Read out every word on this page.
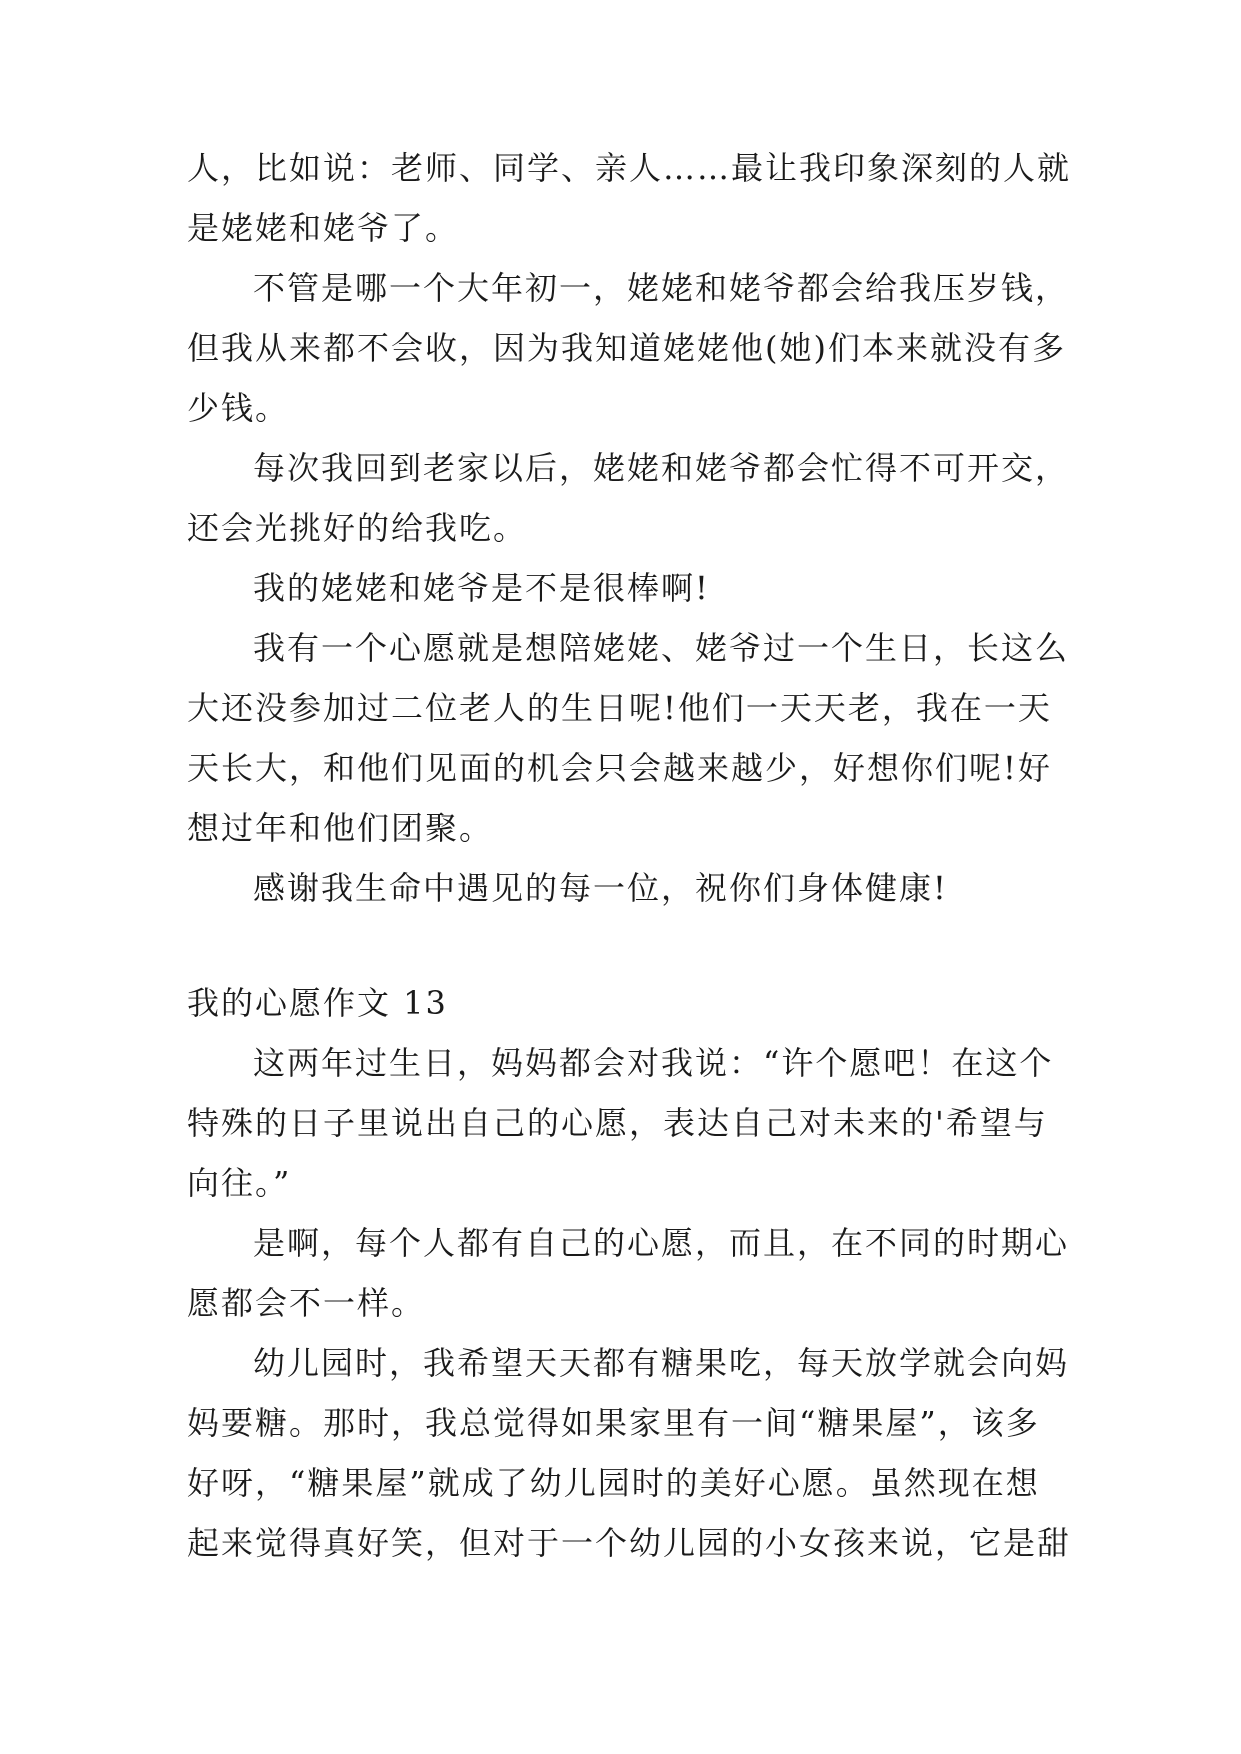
人，比如说：老师、同学、亲人……最让我印象深刻的人就
是姥姥和姥爷了。
不管是哪一个大年初一，姥姥和姥爷都会给我压岁钱，
但我从来都不会收，因为我知道姥姥他(她)们本来就没有多
少钱。
每次我回到老家以后，姥姥和姥爷都会忙得不可开交，
还会光挑好的给我吃。
我的姥姥和姥爷是不是很棒啊!
我有一个心愿就是想陪姥姥、姥爷过一个生日，长这么
大还没参加过二位老人的生日呢!他们一天天老，我在一天
天长大，和他们见面的机会只会越来越少，好想你们呢!好
想过年和他们团聚。
感谢我生命中遇见的每一位，祝你们身体健康!
我的心愿作文 13
这两年过生日，妈妈都会对我说：“许个愿吧！在这个
特殊的日子里说出自己的心愿，表达自己对未来的'希望与
向往。”
是啊，每个人都有自己的心愿，而且，在不同的时期心
愿都会不一样。
幼儿园时，我希望天天都有糖果吃，每天放学就会向妈
妈要糖。那时，我总觉得如果家里有一间“糖果屋”，该多
好呀，“糖果屋”就成了幼儿园时的美好心愿。虽然现在想
起来觉得真好笑，但对于一个幼儿园的小女孩来说，它是甜
